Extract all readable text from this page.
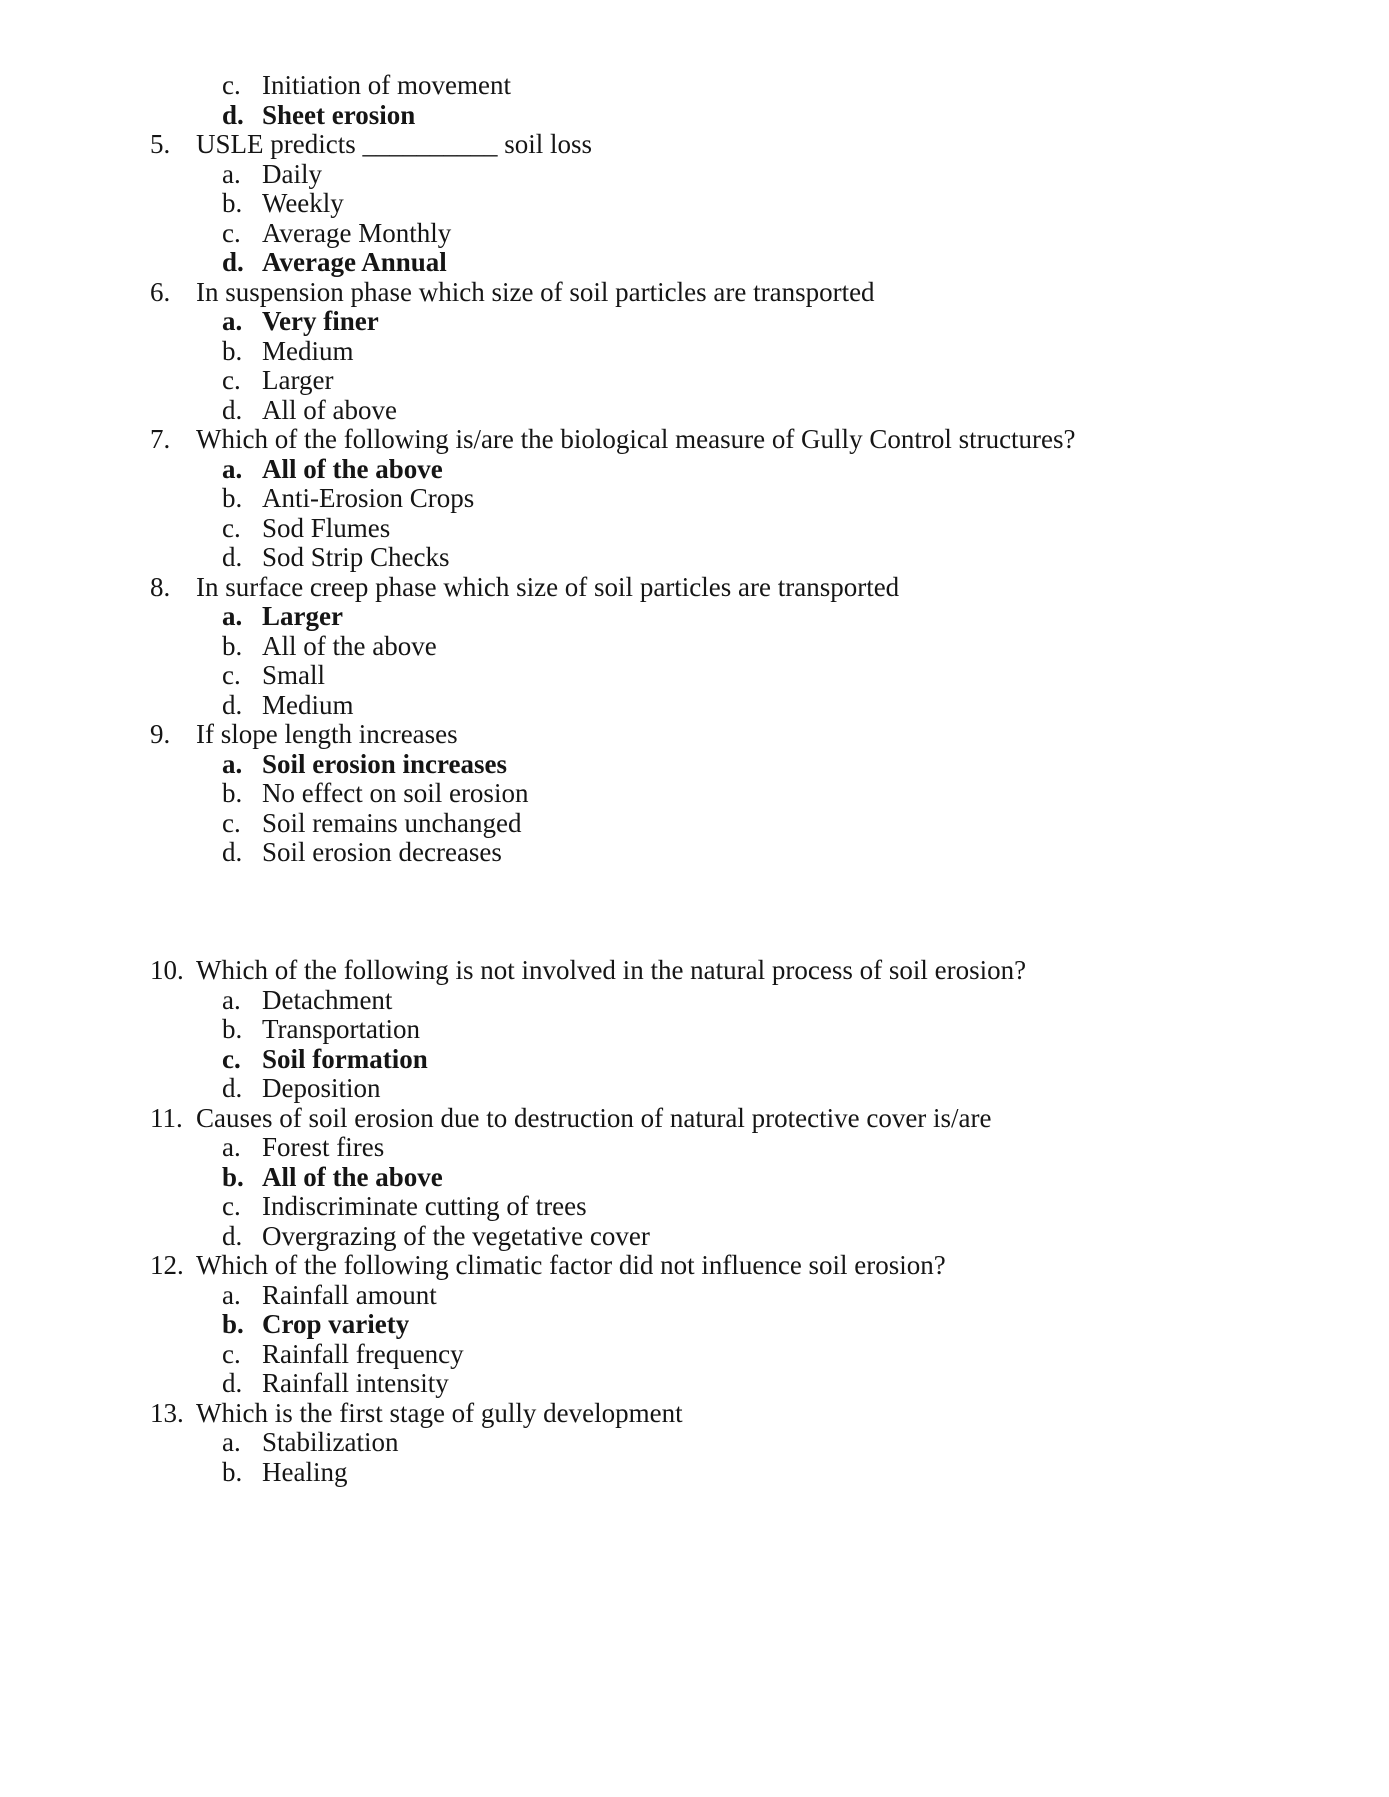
c. Initiation of movement
d. Sheet erosion
5. USLE predicts __________ soil loss
a. Daily
b. Weekly
c. Average Monthly
d. Average Annual
6. In suspension phase which size of soil particles are transported
a. Very finer
b. Medium
c. Larger
d. All of above
7. Which of the following is/are the biological measure of Gully Control structures?
a. All of the above
b. Anti-Erosion Crops
c. Sod Flumes
d. Sod Strip Checks
8. In surface creep phase which size of soil particles are transported
a. Larger
b. All of the above
c. Small
d. Medium
9. If slope length increases
a. Soil erosion increases
b. No effect on soil erosion
c. Soil remains unchanged
d. Soil erosion decreases
10. Which of the following is not involved in the natural process of soil erosion?
a. Detachment
b. Transportation
c. Soil formation
d. Deposition
11. Causes of soil erosion due to destruction of natural protective cover is/are
a. Forest fires
b. All of the above
c. Indiscriminate cutting of trees
d. Overgrazing of the vegetative cover
12. Which of the following climatic factor did not influence soil erosion?
a. Rainfall amount
b. Crop variety
c. Rainfall frequency
d. Rainfall intensity
13. Which is the first stage of gully development
a. Stabilization
b. Healing
